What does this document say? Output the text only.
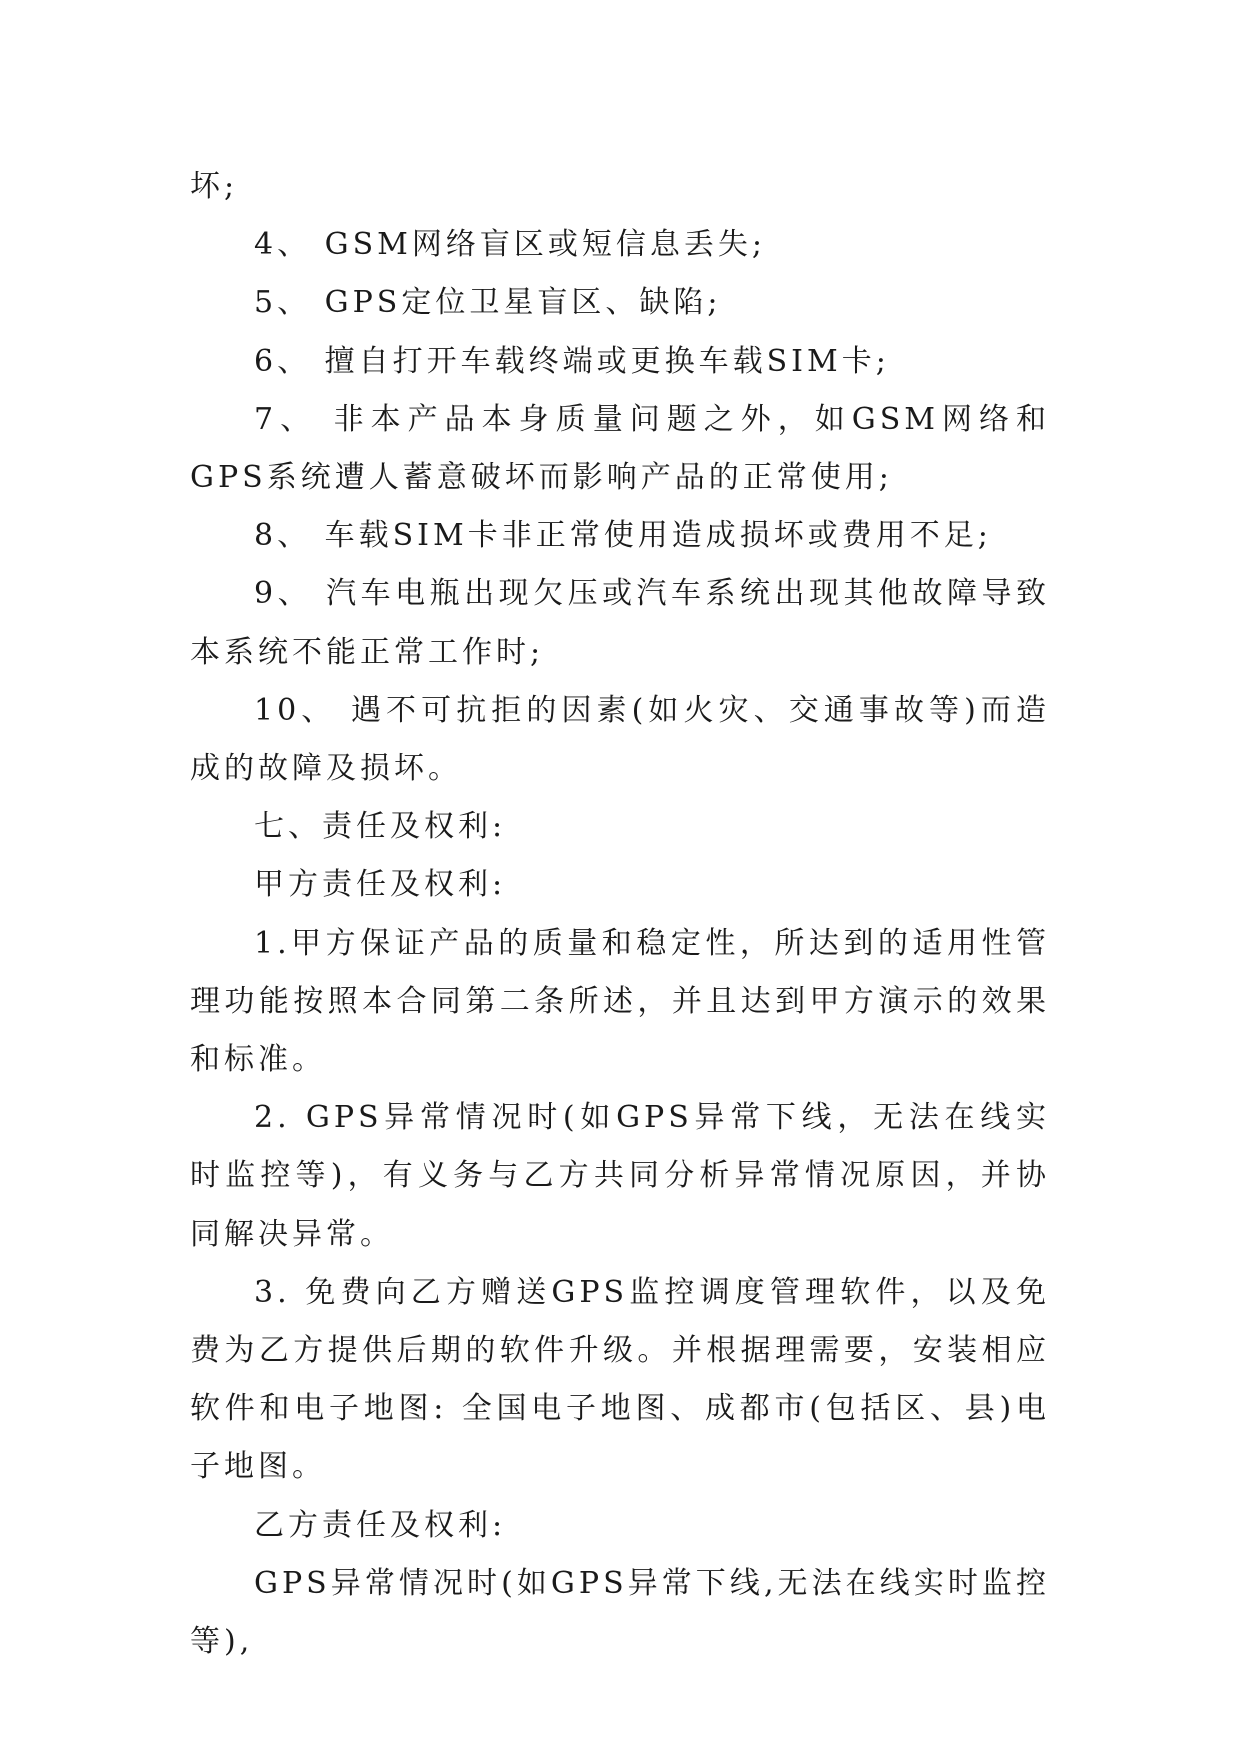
坏;

4、 GSM网络盲区或短信息丢失;

5、 GPS定位卫星盲区、缺陷;

6、 擅自打开车载终端或更换车载SIM卡;

7、 非本产品本身质量问题之外，如GSM网络和GPS系统遭人蓄意破坏而影响产品的正常使用;

8、 车载SIM卡非正常使用造成损坏或费用不足;

9、 汽车电瓶出现欠压或汽车系统出现其他故障导致本系统不能正常工作时;

10、 遇不可抗拒的因素(如火灾、交通事故等)而造成的故障及损坏。

七、责任及权利:

甲方责任及权利:

1.甲方保证产品的质量和稳定性，所达到的适用性管理功能按照本合同第二条所述，并且达到甲方演示的效果和标准。

2. GPS异常情况时(如GPS异常下线，无法在线实时监控等)，有义务与乙方共同分析异常情况原因，并协同解决异常。

3. 免费向乙方赠送GPS监控调度管理软件，以及免费为乙方提供后期的软件升级。并根据理需要，安装相应软件和电子地图: 全国电子地图、成都市(包括区、县)电子地图。

乙方责任及权利:

GPS异常情况时(如GPS异常下线,无法在线实时监控等),
